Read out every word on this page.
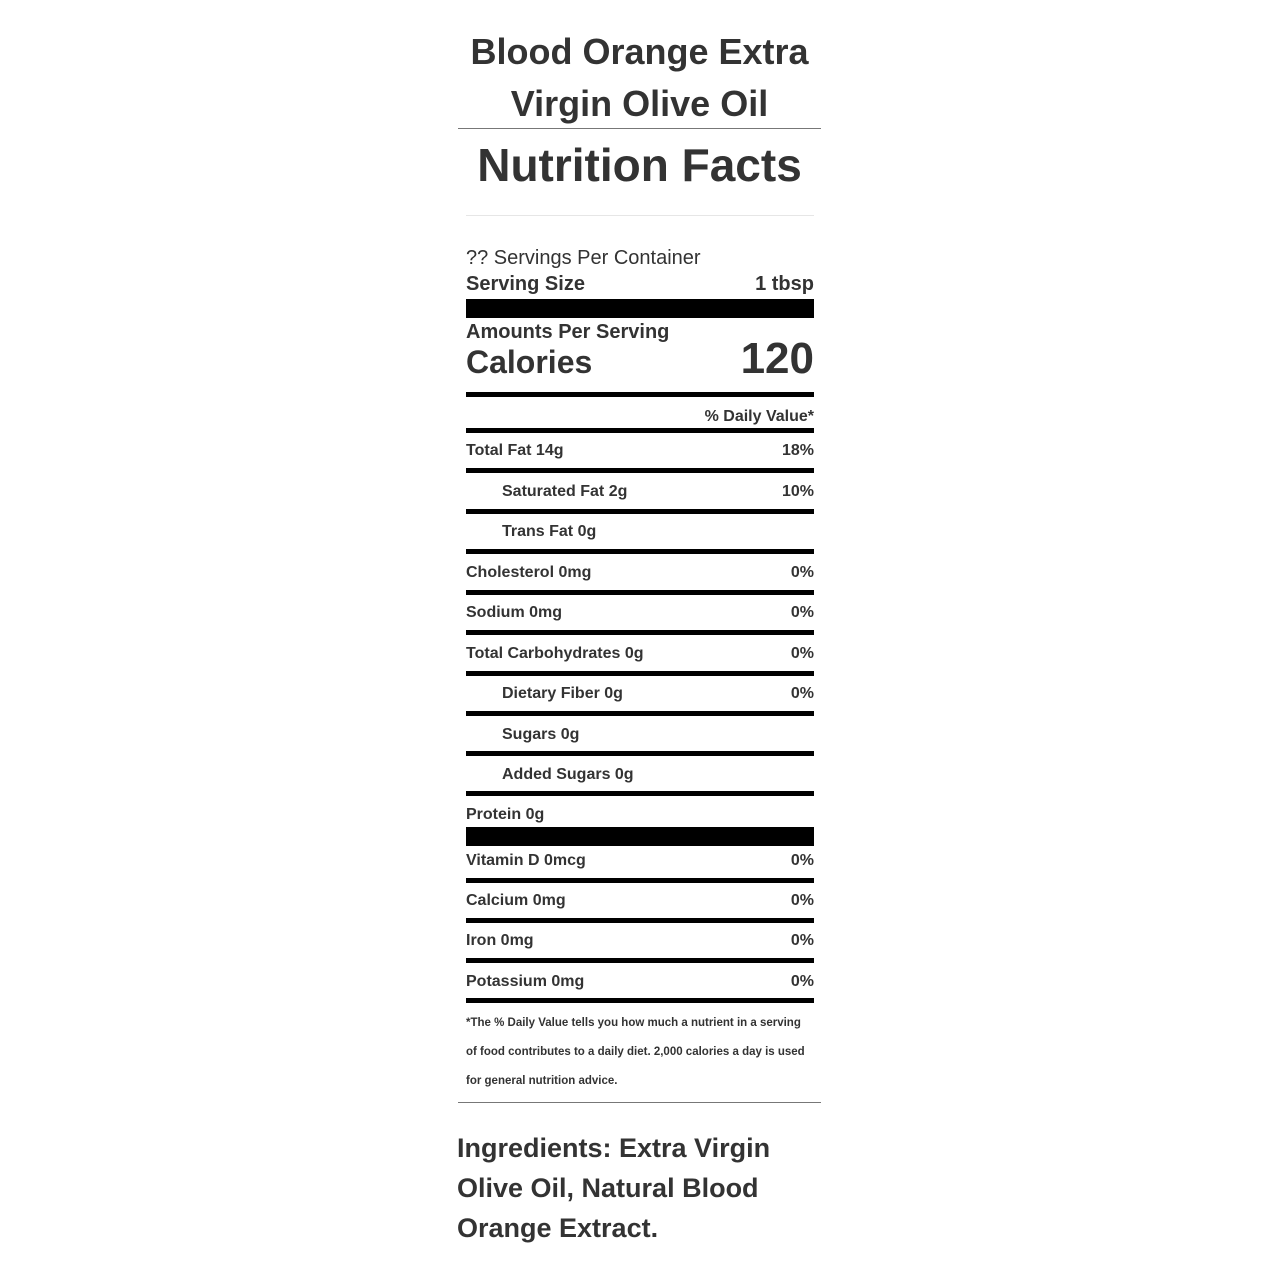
Blood Orange Extra
Virgin Olive Oil
Nutrition Facts
?? Servings Per Container
Serving Size	1 tbsp
Amounts Per Serving
Calories	120
% Daily Value*
Total Fat 14g	18%
Saturated Fat 2g	10%
Trans Fat 0g
Cholesterol 0mg	0%
Sodium 0mg	0%
Total Carbohydrates 0g	0%
Dietary Fiber 0g	0%
Sugars 0g
Added Sugars 0g
Protein 0g
Vitamin D 0mcg	0%
Calcium 0mg	0%
Iron 0mg	0%
Potassium 0mg	0%
*The % Daily Value tells you how much a nutrient in a serving
of food contributes to a daily diet. 2,000 calories a day is used
for general nutrition advice.
Ingredients: Extra Virgin
Olive Oil, Natural Blood
Orange Extract.
